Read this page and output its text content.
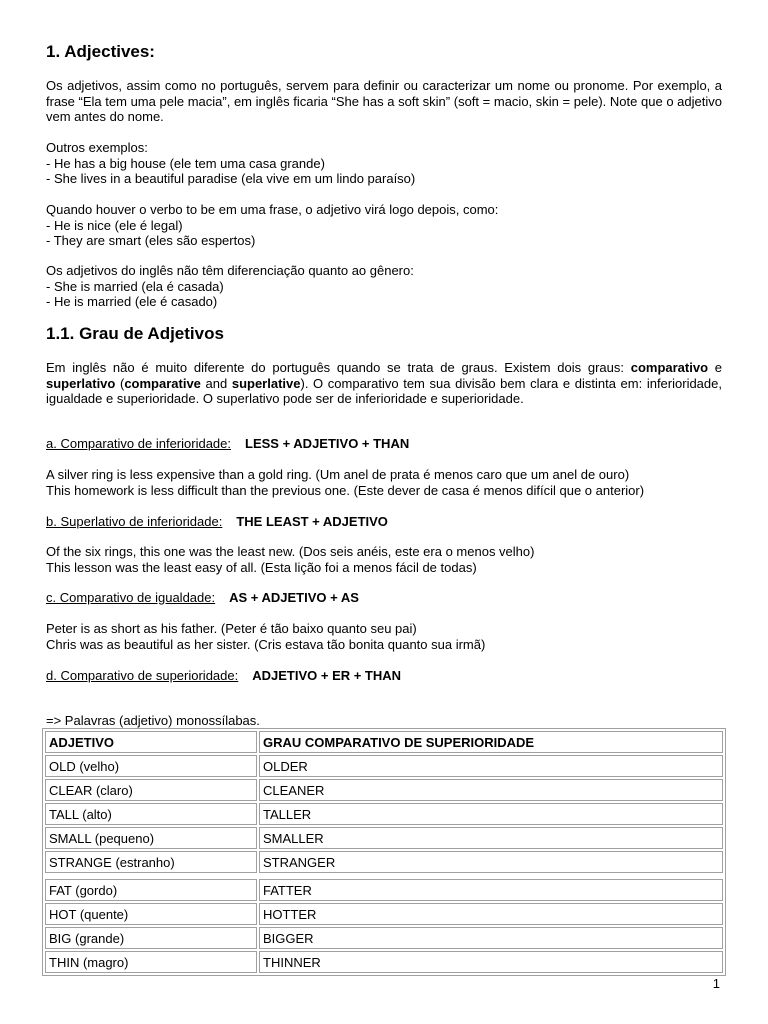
1. Adjectives:
Os adjetivos, assim como no português, servem para definir ou caracterizar um nome ou pronome. Por exemplo, a frase “Ela tem uma pele macia”, em inglês ficaria “She has a soft skin” (soft = macio, skin = pele). Note que o adjetivo vem antes do nome.
Outros exemplos:
- He has a big house (ele tem uma casa grande)
- She lives in a beautiful paradise (ela vive em um lindo paraíso)
Quando houver o verbo to be em uma frase, o adjetivo virá logo depois, como:
- He is nice (ele é legal)
- They are smart (eles são espertos)
Os adjetivos do inglês não têm diferenciação quanto ao gênero:
- She is married (ela é casada)
- He is married (ele é casado)
1.1. Grau de Adjetivos
Em inglês não é muito diferente do português quando se trata de graus. Existem dois graus: comparativo e superlativo (comparative and superlative). O comparativo tem sua divisão bem clara e distinta em: inferioridade, igualdade e superioridade. O superlativo pode ser de inferioridade e superioridade.
a. Comparativo de inferioridade: LESS + ADJETIVO + THAN
A silver ring is less expensive than a gold ring. (Um anel de prata é menos caro que um anel de ouro)
This homework is less difficult than the previous one. (Este dever de casa é menos difícil que o anterior)
b. Superlativo de inferioridade: THE LEAST + ADJETIVO
Of the six rings, this one was the least new. (Dos seis anéis, este era o menos velho)
This lesson was the least easy of all. (Esta lição foi a menos fácil de todas)
c. Comparativo de igualdade: AS + ADJETIVO + AS
Peter is as short as his father. (Peter é tão baixo quanto seu pai)
Chris was as beautiful as her sister. (Cris estava tão bonita quanto sua irmã)
d. Comparativo de superioridade: ADJETIVO + ER + THAN
=> Palavras (adjetivo) monossílabas.
ADJETIVO	GRAU COMPARATIVO DE SUPERIORIDADE
OLD (velho)	OLDER
CLEAR (claro)	CLEANER
TALL (alto)	TALLER
SMALL (pequeno)	SMALLER
STRANGE (estranho)	STRANGER

FAT (gordo)	FATTER
HOT (quente)	HOTTER
BIG (grande)	BIGGER
THIN (magro)	THINNER
1
